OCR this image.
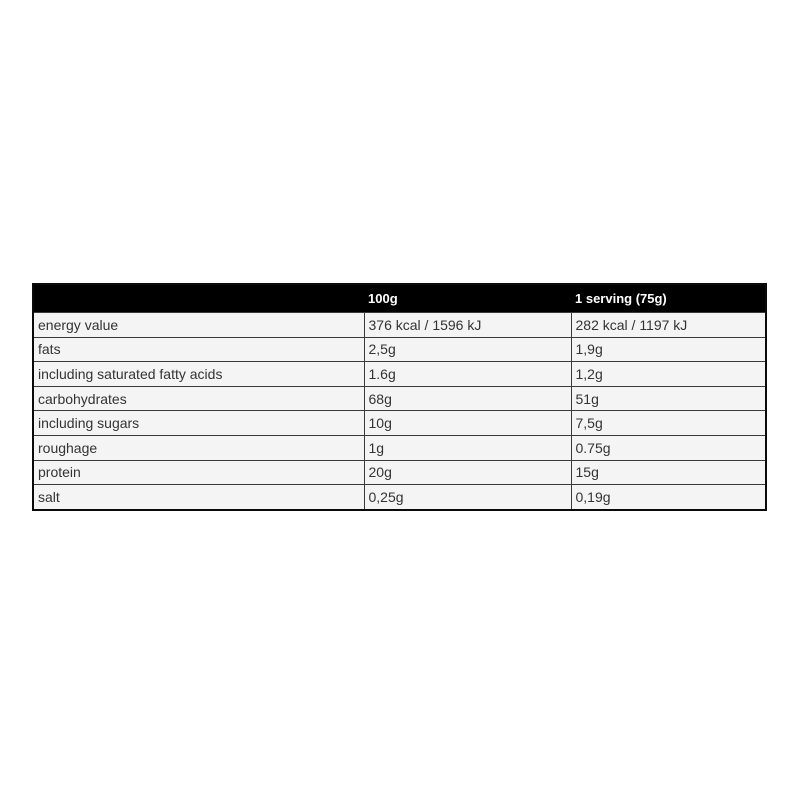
	100g	1 serving (75g)
energy value	376 kcal / 1596 kJ	282 kcal / 1197 kJ
fats	2,5g	1,9g
including saturated fatty acids	1.6g	1,2g
carbohydrates	68g	51g
including sugars	10g	7,5g
roughage	1g	0.75g
protein	20g	15g
salt	0,25g	0,19g
